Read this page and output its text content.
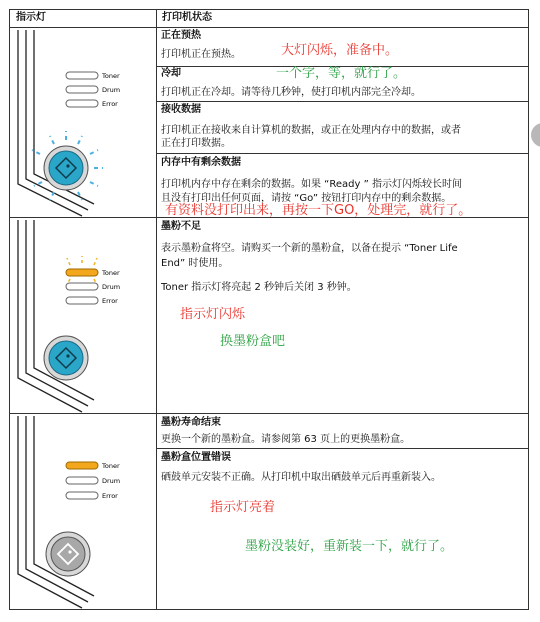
指示灯	打印机状态
Toner
Drum
Error
Toner
Drum
Error
Toner
Drum
Error
正在预热
打印机正在预热。	大灯闪烁，准备中。
一个字，等，就行了。
冷却
打印机正在冷却。请等待几秒钟，使打印机内部完全冷却。
接收数据
打印机正在接收来自计算机的数据，或正在处理内存中的数据，或者
正在打印数据。
内存中有剩余数据
打印机内存中存在剩余的数据。如果 “Ready ” 指示灯闪烁较长时间
且没有打印出任何页面，请按 “Go” 按钮打印内存中的剩余数据。
有资料没打印出来，再按一下GO，处理完，就行了。
墨粉不足
表示墨粉盒将空。请购买一个新的墨粉盒，以备在提示 “Toner Life
End” 时使用。
Toner 指示灯将亮起 2 秒钟后关闭 3 秒钟。
指示灯闪烁
换墨粉盒吧
墨粉寿命结束
更换一个新的墨粉盒。请参阅第 63 页上的更换墨粉盒。
墨粉盒位置错误
硒鼓单元安装不正确。从打印机中取出硒鼓单元后再重新装入。
指示灯亮着
墨粉没装好，重新装一下，就行了。
